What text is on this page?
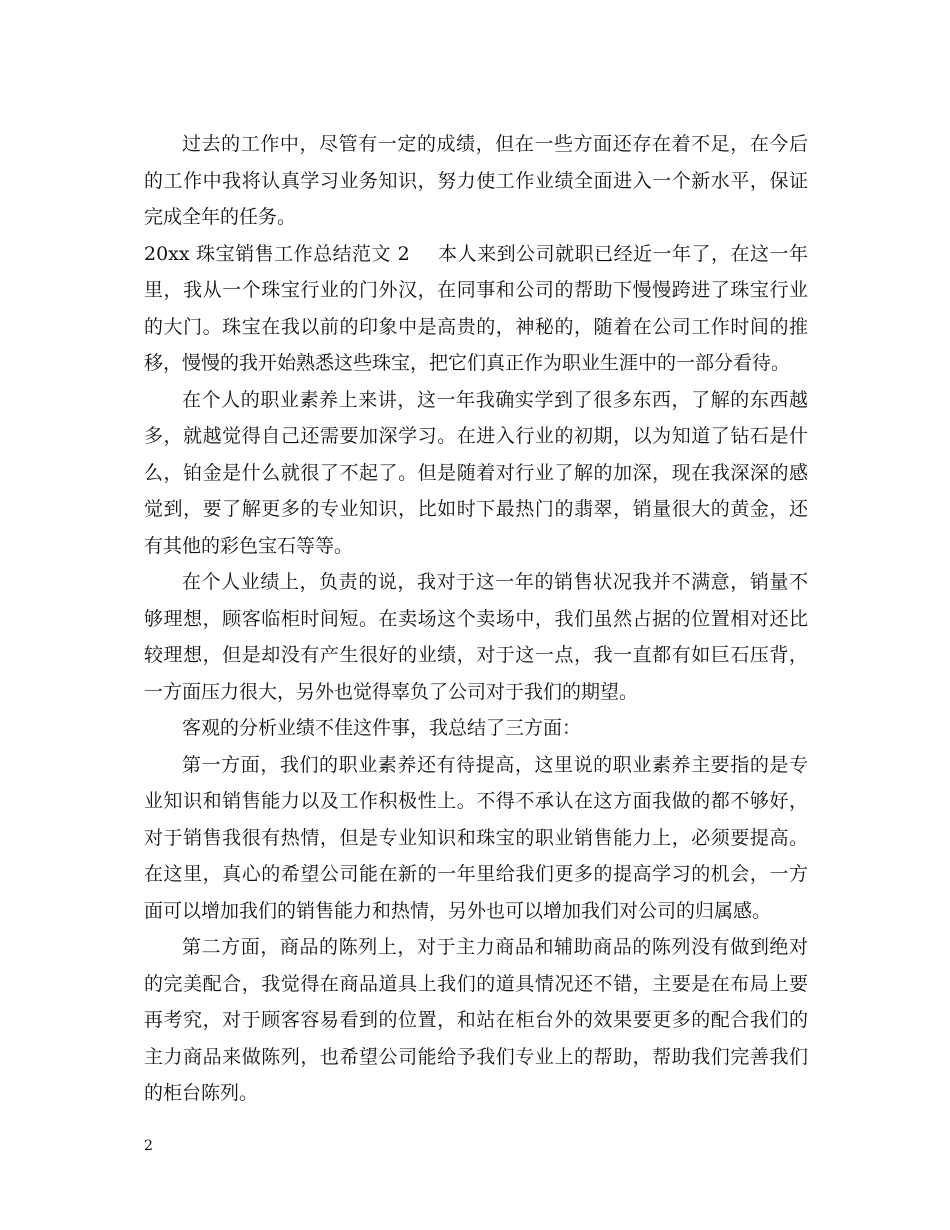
过去的工作中，尽管有一定的成绩，但在一些方面还存在着不足，在今后的工作中我将认真学习业务知识，努力使工作业绩全面进入一个新水平，保证完成全年的任务。

20xx 珠宝销售工作总结范文 2 本人来到公司就职已经近一年了，在这一年里，我从一个珠宝行业的门外汉，在同事和公司的帮助下慢慢跨进了珠宝行业的大门。珠宝在我以前的印象中是高贵的，神秘的，随着在公司工作时间的推移，慢慢的我开始熟悉这些珠宝，把它们真正作为职业生涯中的一部分看待。

在个人的职业素养上来讲，这一年我确实学到了很多东西，了解的东西越多，就越觉得自己还需要加深学习。在进入行业的初期，以为知道了钻石是什么，铂金是什么就很了不起了。但是随着对行业了解的加深，现在我深深的感觉到，要了解更多的专业知识，比如时下最热门的翡翠，销量很大的黄金，还有其他的彩色宝石等等。

在个人业绩上，负责的说，我对于这一年的销售状况我并不满意，销量不够理想，顾客临柜时间短。在卖场这个卖场中，我们虽然占据的位置相对还比较理想，但是却没有产生很好的业绩，对于这一点，我一直都有如巨石压背，一方面压力很大，另外也觉得辜负了公司对于我们的期望。

客观的分析业绩不佳这件事，我总结了三方面：

第一方面，我们的职业素养还有待提高，这里说的职业素养主要指的是专业知识和销售能力以及工作积极性上。不得不承认在这方面我做的都不够好，对于销售我很有热情，但是专业知识和珠宝的职业销售能力上，必须要提高。在这里，真心的希望公司能在新的一年里给我们更多的提高学习的机会，一方面可以增加我们的销售能力和热情，另外也可以增加我们对公司的归属感。

第二方面，商品的陈列上，对于主力商品和辅助商品的陈列没有做到绝对的完美配合，我觉得在商品道具上我们的道具情况还不错，主要是在布局上要再考究，对于顾客容易看到的位置，和站在柜台外的效果要更多的配合我们的主力商品来做陈列，也希望公司能给予我们专业上的帮助，帮助我们完善我们的柜台陈列。

2
